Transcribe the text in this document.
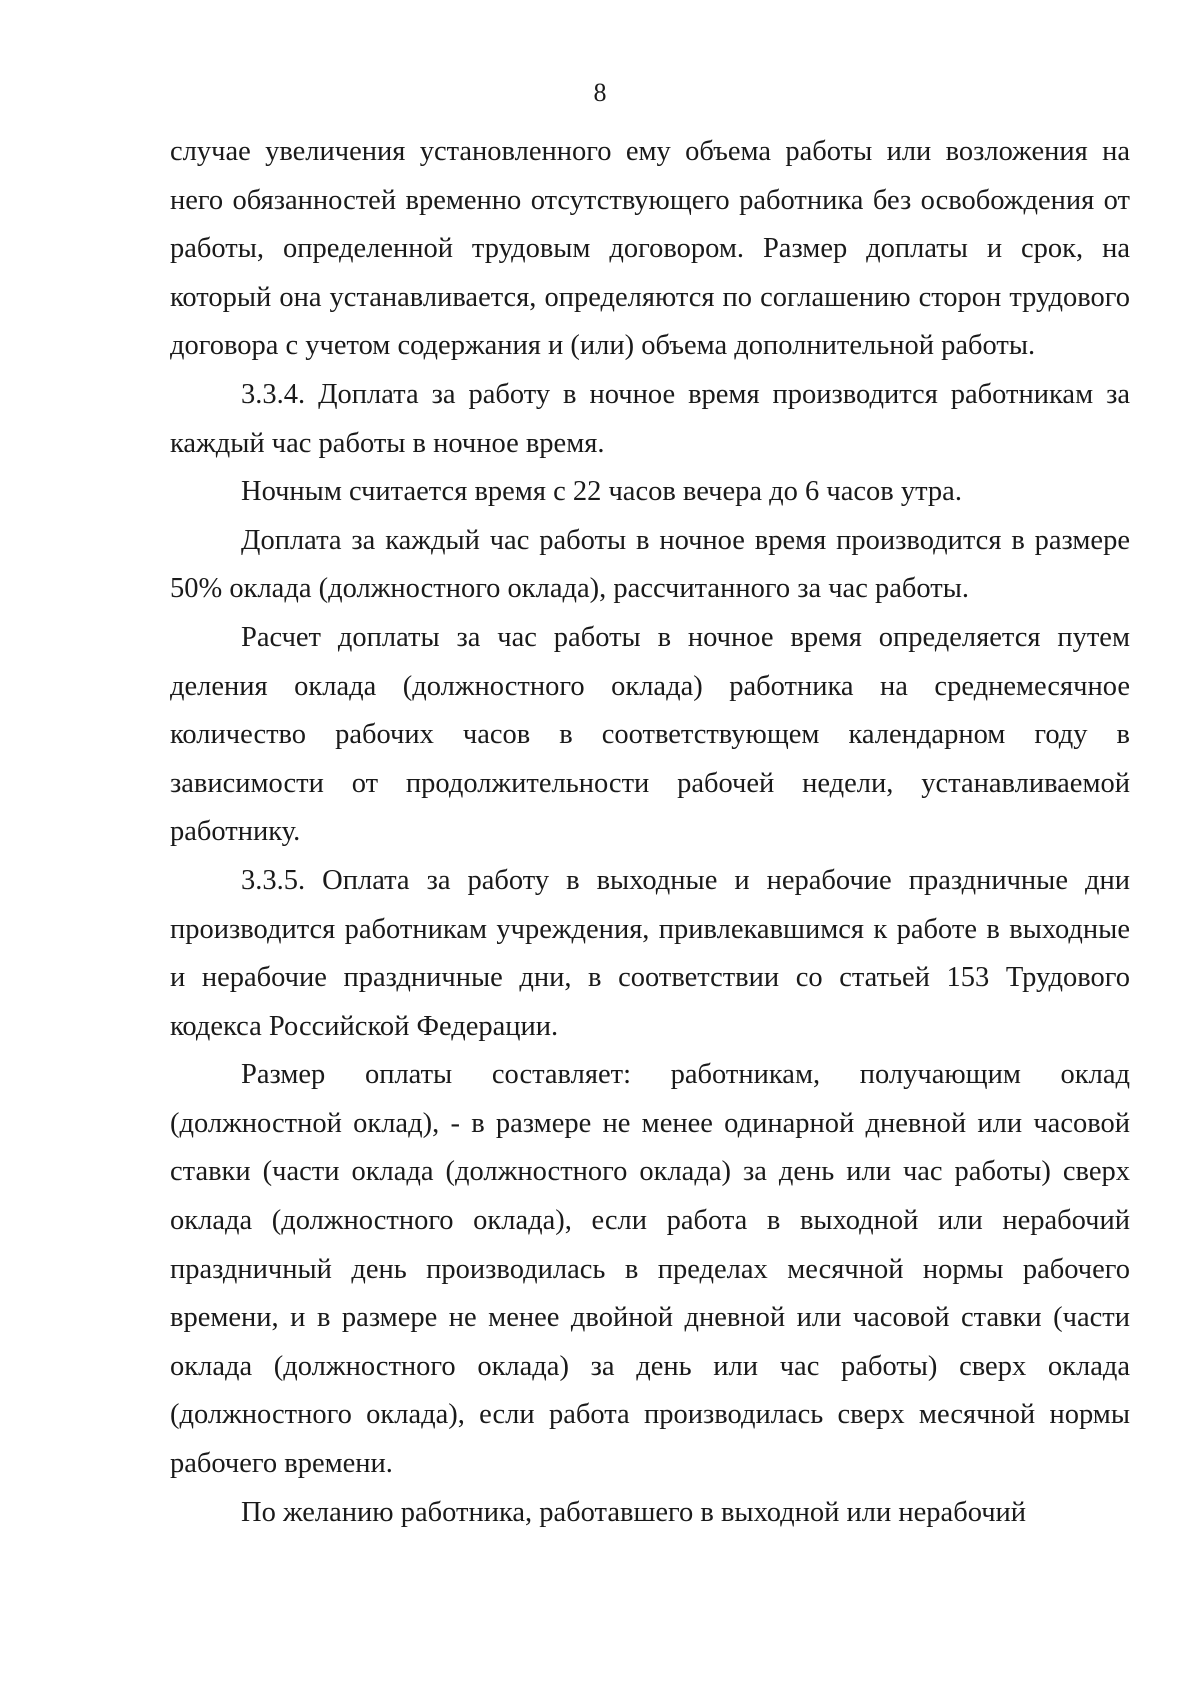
8

случае увеличения установленного ему объема работы или возложения на него обязанностей временно отсутствующего работника без освобождения от работы, определенной трудовым договором. Размер доплаты и срок, на который она устанавливается, определяются по соглашению сторон трудового договора с учетом содержания и (или) объема дополнительной работы.

3.3.4. Доплата за работу в ночное время производится работникам за каждый час работы в ночное время.

Ночным считается время с 22 часов вечера до 6 часов утра.

Доплата за каждый час работы в ночное время производится в размере 50% оклада (должностного оклада), рассчитанного за час работы.

Расчет доплаты за час работы в ночное время определяется путем деления оклада (должностного оклада) работника на среднемесячное количество рабочих часов в соответствующем календарном году в зависимости от продолжительности рабочей недели, устанавливаемой работнику.

3.3.5. Оплата за работу в выходные и нерабочие праздничные дни производится работникам учреждения, привлекавшимся к работе в выходные и нерабочие праздничные дни, в соответствии со статьей 153 Трудового кодекса Российской Федерации.

Размер оплаты составляет: работникам, получающим оклад (должностной оклад), - в размере не менее одинарной дневной или часовой ставки (части оклада (должностного оклада) за день или час работы) сверх оклада (должностного оклада), если работа в выходной или нерабочий праздничный день производилась в пределах месячной нормы рабочего времени, и в размере не менее двойной дневной или часовой ставки (части оклада (должностного оклада) за день или час работы) сверх оклада (должностного оклада), если работа производилась сверх месячной нормы рабочего времени.

По желанию работника, работавшего в выходной или нерабочий
